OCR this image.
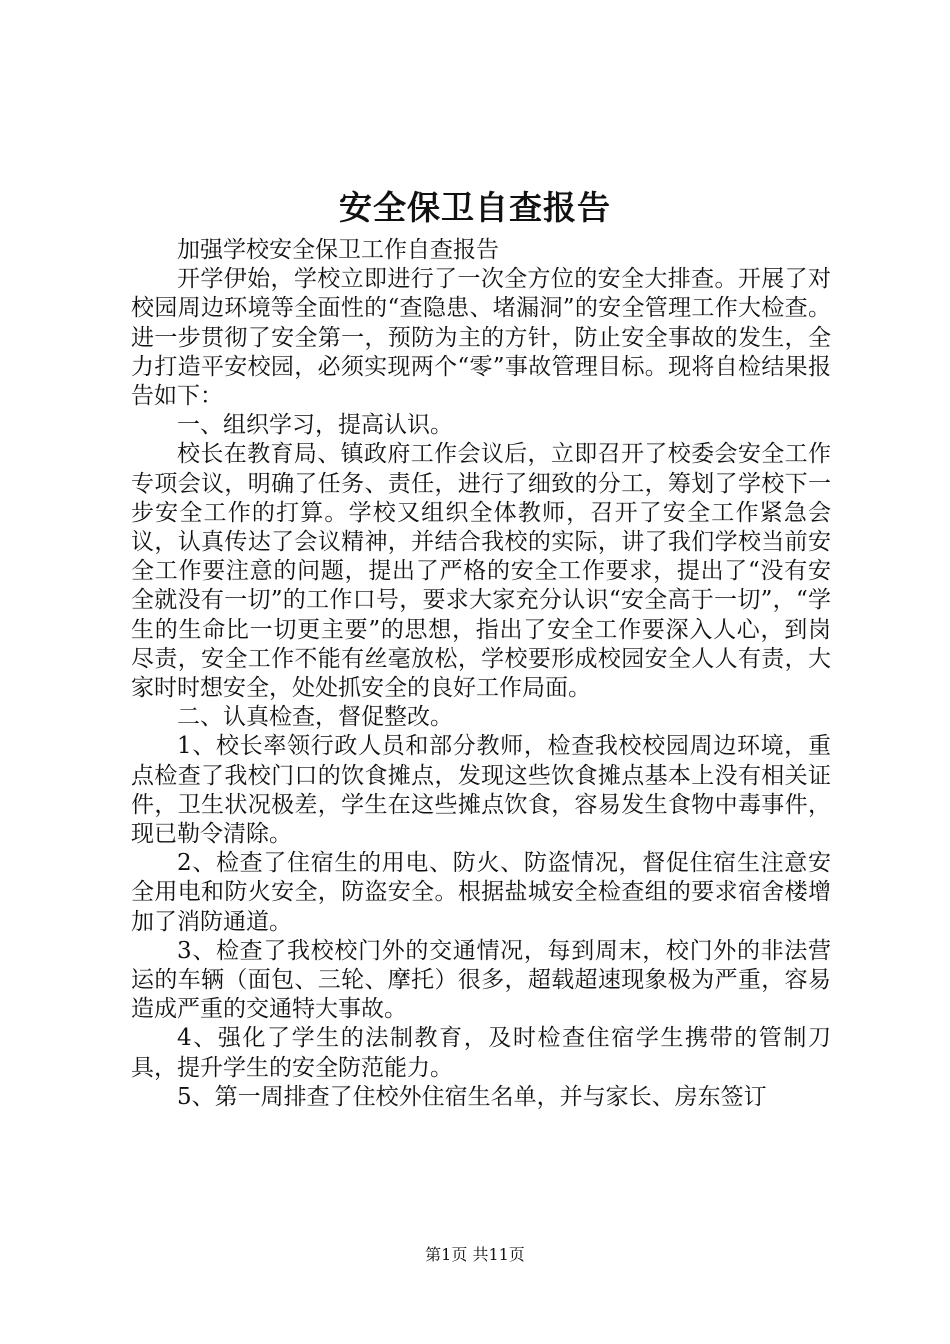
安全保卫自查报告

加强学校安全保卫工作自查报告

开学伊始，学校立即进行了一次全方位的安全大排查。开展了对校园周边环境等全面性的“查隐患、堵漏洞”的安全管理工作大检查。进一步贯彻了安全第一，预防为主的方针，防止安全事故的发生，全力打造平安校园，必须实现两个“零”事故管理目标。现将自检结果报告如下：

一、组织学习，提高认识。

校长在教育局、镇政府工作会议后，立即召开了校委会安全工作专项会议，明确了任务、责任，进行了细致的分工，筹划了学校下一步安全工作的打算。学校又组织全体教师，召开了安全工作紧急会议，认真传达了会议精神，并结合我校的实际，讲了我们学校当前安全工作要注意的问题，提出了严格的安全工作要求，提出了“没有安全就没有一切”的工作口号，要求大家充分认识“安全高于一切”，“学生的生命比一切更主要”的思想，指出了安全工作要深入人心，到岗尽责，安全工作不能有丝毫放松，学校要形成校园安全人人有责，大家时时想安全，处处抓安全的良好工作局面。

二、认真检查，督促整改。

1、校长率领行政人员和部分教师，检查我校校园周边环境，重点检查了我校门口的饮食摊点，发现这些饮食摊点基本上没有相关证件，卫生状况极差，学生在这些摊点饮食，容易发生食物中毒事件，现已勒令清除。

2、检查了住宿生的用电、防火、防盗情况，督促住宿生注意安全用电和防火安全，防盗安全。根据盐城安全检查组的要求宿舍楼增加了消防通道。

3、检查了我校校门外的交通情况，每到周末，校门外的非法营运的车辆（面包、三轮、摩托）很多，超载超速现象极为严重，容易造成严重的交通特大事故。

4、强化了学生的法制教育，及时检查住宿学生携带的管制刀具，提升学生的安全防范能力。

5、第一周排查了住校外住宿生名单，并与家长、房东签订

第1页 共11页
